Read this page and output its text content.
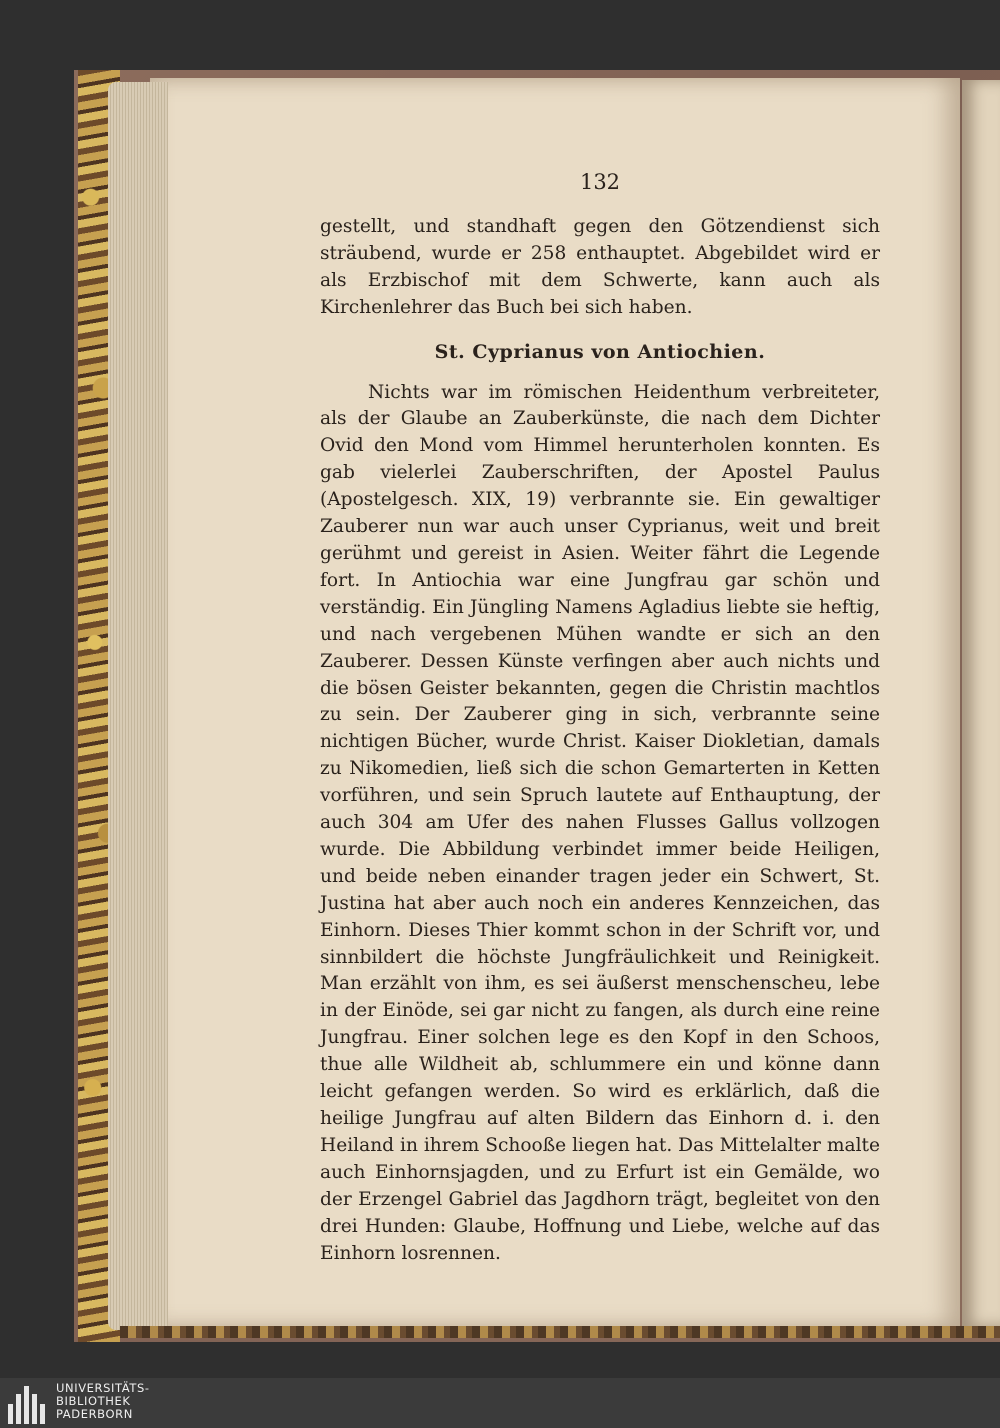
132

gestellt, und standhaft gegen den Götzendienst sich sträubend, wurde er 258 enthauptet. Abgebildet wird er als Erzbischof mit dem Schwerte, kann auch als Kirchenlehrer das Buch bei sich haben.

St. Cyprianus von Antiochien.

Nichts war im römischen Heidenthum verbreiteter, als der Glaube an Zauberkünste, die nach dem Dichter Ovid den Mond vom Himmel herunterholen konnten. Es gab vielerlei Zauberschriften, der Apostel Paulus (Apostelgesch. XIX, 19) verbrannte sie. Ein gewaltiger Zauberer nun war auch unser Cyprianus, weit und breit gerühmt und gereist in Asien. Weiter fährt die Legende fort. In Antiochia war eine Jungfrau gar schön und verständig. Ein Jüngling Namens Agladius liebte sie heftig, und nach vergebenen Mühen wandte er sich an den Zauberer. Dessen Künste verfingen aber auch nichts und die bösen Geister bekannten, gegen die Christin machtlos zu sein. Der Zauberer ging in sich, verbrannte seine nichtigen Bücher, wurde Christ. Kaiser Diokletian, damals zu Nikomedien, ließ sich die schon Gemarterten in Ketten vorführen, und sein Spruch lautete auf Enthauptung, der auch 304 am Ufer des nahen Flusses Gallus vollzogen wurde. Die Abbildung verbindet immer beide Heiligen, und beide neben einander tragen jeder ein Schwert, St. Justina hat aber auch noch ein anderes Kennzeichen, das Einhorn. Dieses Thier kommt schon in der Schrift vor, und sinnbildert die höchste Jungfräulichkeit und Reinigkeit. Man erzählt von ihm, es sei äußerst menschenscheu, lebe in der Einöde, sei gar nicht zu fangen, als durch eine reine Jungfrau. Einer solchen lege es den Kopf in den Schoos, thue alle Wildheit ab, schlummere ein und könne dann leicht gefangen werden. So wird es erklärlich, daß die heilige Jungfrau auf alten Bildern das Einhorn d. i. den Heiland in ihrem Schooße liegen hat. Das Mittelalter malte auch Einhornsjagden, und zu Erfurt ist ein Gemälde, wo der Erzengel Gabriel das Jagdhorn trägt, begleitet von den drei Hunden: Glaube, Hoffnung und Liebe, welche auf das Einhorn losrennen.

UNIVERSITÄTS-
BIBLIOTHEK
PADERBORN
